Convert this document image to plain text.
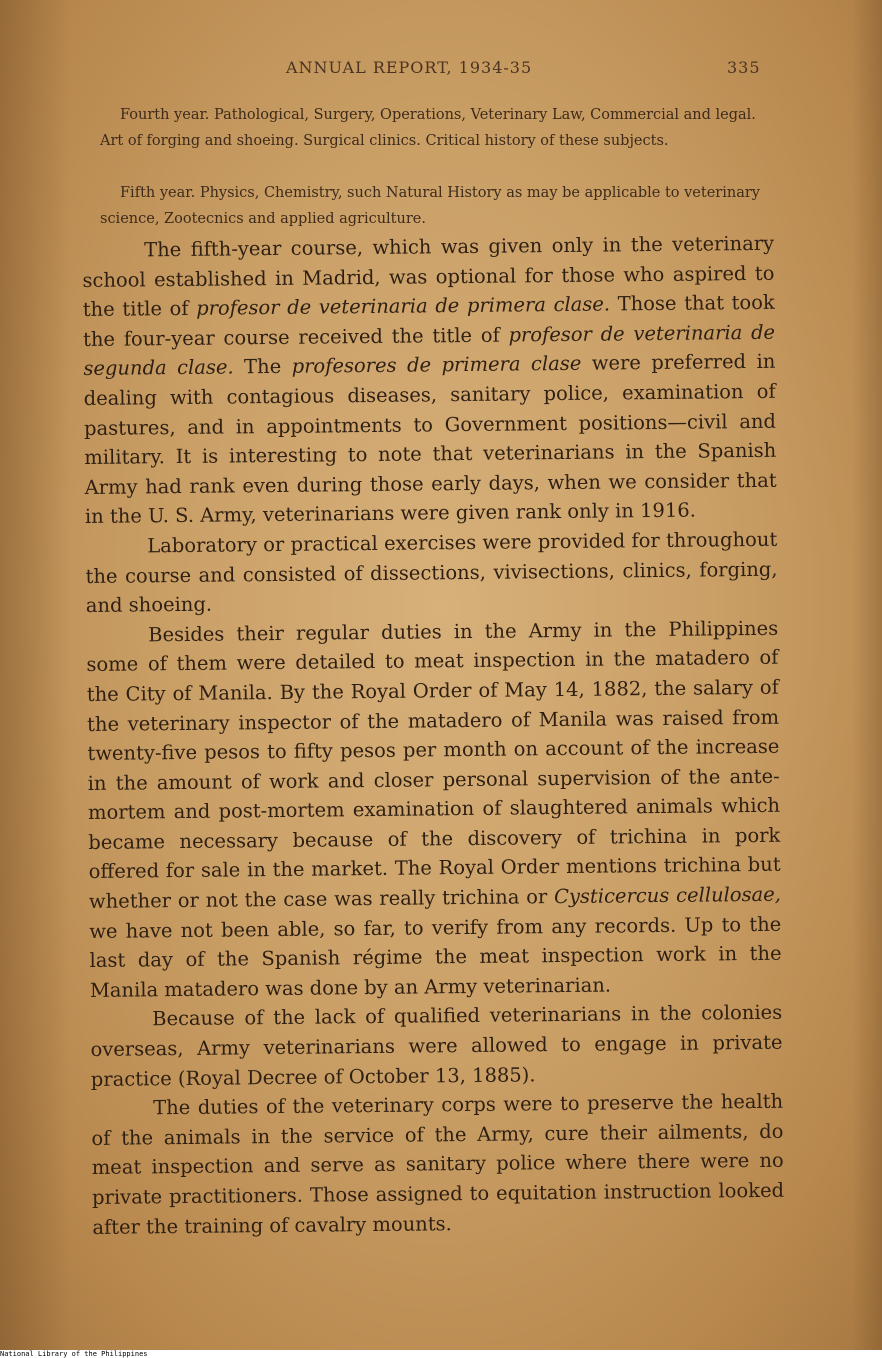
ANNUAL REPORT, 1934-35	335

Fourth year. Pathological, Surgery, Operations, Veterinary Law, Commercial and legal. Art of forging and shoeing. Surgical clinics. Critical history of these subjects.

Fifth year. Physics, Chemistry, such Natural History as may be applicable to veterinary science, Zootecnics and applied agriculture.

The fifth-year course, which was given only in the veterinary school established in Madrid, was optional for those who aspired to the title of profesor de veterinaria de primera clase. Those that took the four-year course received the title of profesor de veterinaria de segunda clase. The profesores de primera clase were preferred in dealing with contagious diseases, sanitary police, examination of pastures, and in appointments to Government positions—civil and military. It is interesting to note that veterinarians in the Spanish Army had rank even during those early days, when we consider that in the U. S. Army, veterinarians were given rank only in 1916.

Laboratory or practical exercises were provided for throughout the course and consisted of dissections, vivisections, clinics, forging, and shoeing.

Besides their regular duties in the Army in the Philippines some of them were detailed to meat inspection in the matadero of the City of Manila. By the Royal Order of May 14, 1882, the salary of the veterinary inspector of the matadero of Manila was raised from twenty-five pesos to fifty pesos per month on account of the increase in the amount of work and closer personal supervision of the ante-mortem and post-mortem examination of slaughtered animals which became necessary because of the discovery of trichina in pork offered for sale in the market. The Royal Order mentions trichina but whether or not the case was really trichina or Cysticercus cellulosae, we have not been able, so far, to verify from any records. Up to the last day of the Spanish régime the meat inspection work in the Manila matadero was done by an Army veterinarian.

Because of the lack of qualified veterinarians in the colonies overseas, Army veterinarians were allowed to engage in private practice (Royal Decree of October 13, 1885).

The duties of the veterinary corps were to preserve the health of the animals in the service of the Army, cure their ailments, do meat inspection and serve as sanitary police where there were no private practitioners. Those assigned to equitation instruction looked after the training of cavalry mounts.

National Library of the Philippines
